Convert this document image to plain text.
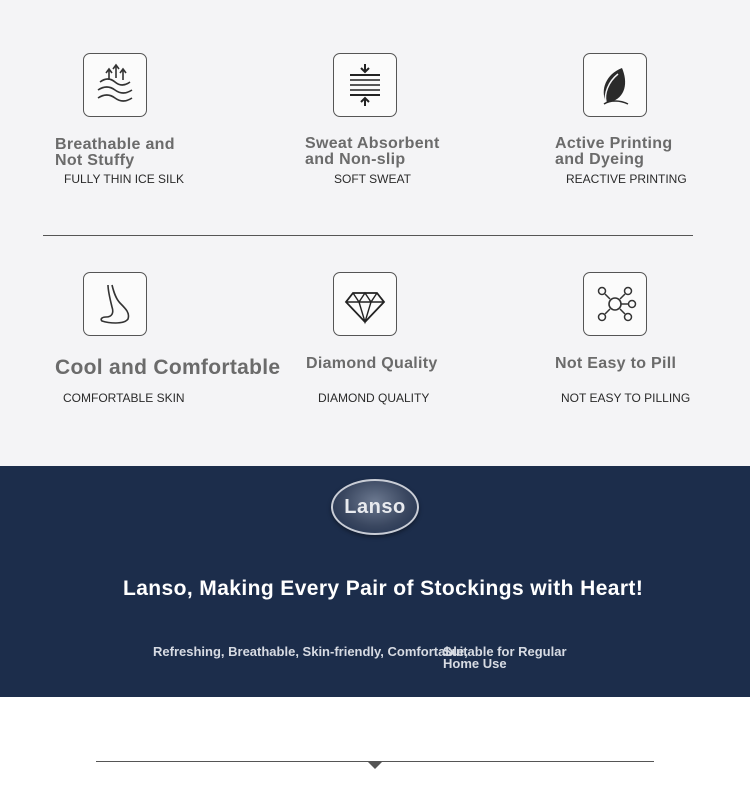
Breathable and
Not Stuffy
FULLY THIN ICE SILK
Sweat Absorbent
and Non-slip
SOFT SWEAT
Active Printing
and Dyeing
REACTIVE PRINTING
Cool and Comfortable
COMFORTABLE SKIN
Diamond Quality
DIAMOND QUALITY
Not Easy to Pill
NOT EASY TO PILLING
Lanso
Lanso, Making Every Pair of Stockings with Heart!
Refreshing, Breathable, Skin-friendly, Comfortable,
Suitable for Regular
Home Use
